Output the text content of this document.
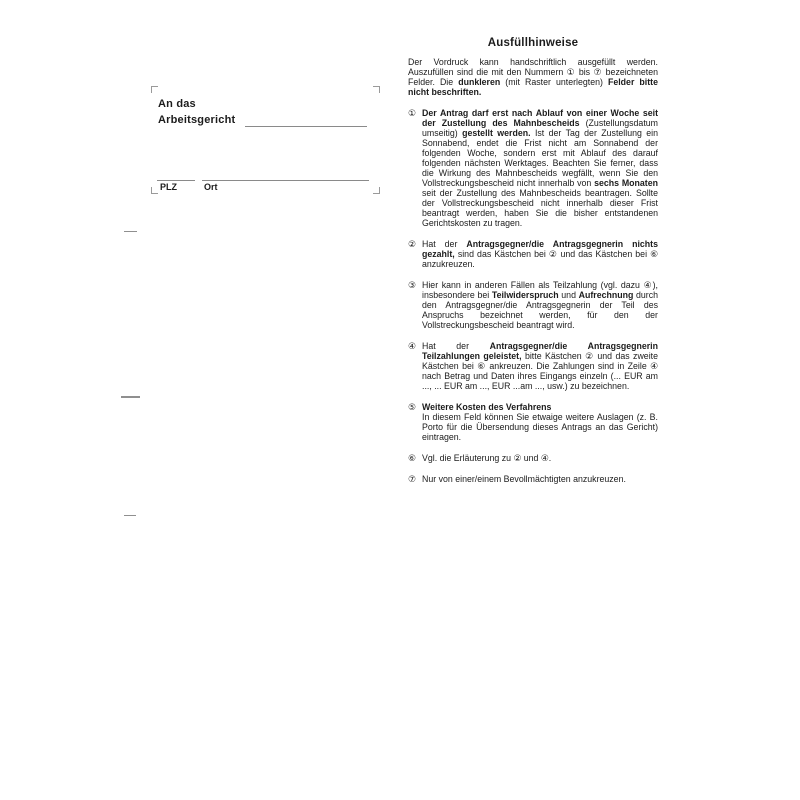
An das
Arbeitsgericht
PLZ	Ort
Ausfüllhinweise

Der Vordruck kann handschriftlich ausgefüllt werden. Auszufüllen sind die mit den Nummern ① bis ⑦ bezeichneten Felder. Die dunkleren (mit Raster unterlegten) Felder bitte nicht beschriften.

① Der Antrag darf erst nach Ablauf von einer Woche seit der Zustellung des Mahnbescheids (Zustellungsdatum umseitig) gestellt werden. Ist der Tag der Zustellung ein Sonnabend, endet die Frist nicht am Sonnabend der folgenden Woche, sondern erst mit Ablauf des darauf folgenden nächsten Werktages. Beachten Sie ferner, dass die Wirkung des Mahnbescheids wegfällt, wenn Sie den Vollstreckungsbescheid nicht innerhalb von sechs Monaten seit der Zustellung des Mahnbescheids beantragen. Sollte der Vollstreckungsbescheid nicht innerhalb dieser Frist beantragt werden, haben Sie die bisher entstandenen Gerichtskosten zu tragen.
② Hat der Antragsgegner/die Antragsgegnerin nichts gezahlt, sind das Kästchen bei ② und das Kästchen bei ⑥ anzukreuzen.
③ Hier kann in anderen Fällen als Teilzahlung (vgl. dazu ④), insbesondere bei Teilwiderspruch und Aufrechnung durch den Antragsgegner/die Antragsgegnerin der Teil des Anspruchs bezeichnet werden, für den der Vollstreckungsbescheid beantragt wird.
④ Hat der Antragsgegner/die Antragsgegnerin Teilzahlungen geleistet, bitte Kästchen ② und das zweite Kästchen bei ⑥ ankreuzen. Die Zahlungen sind in Zeile ④ nach Betrag und Daten ihres Eingangs einzeln (... EUR am ..., ... EUR am ..., EUR ...am ..., usw.) zu bezeichnen.
⑤ Weitere Kosten des Verfahrens
In diesem Feld können Sie etwaige weitere Auslagen (z. B. Porto für die Übersendung dieses Antrags an das Gericht) eintragen.
⑥ Vgl. die Erläuterung zu ② und ④.
⑦ Nur von einer/einem Bevollmächtigten anzukreuzen.
